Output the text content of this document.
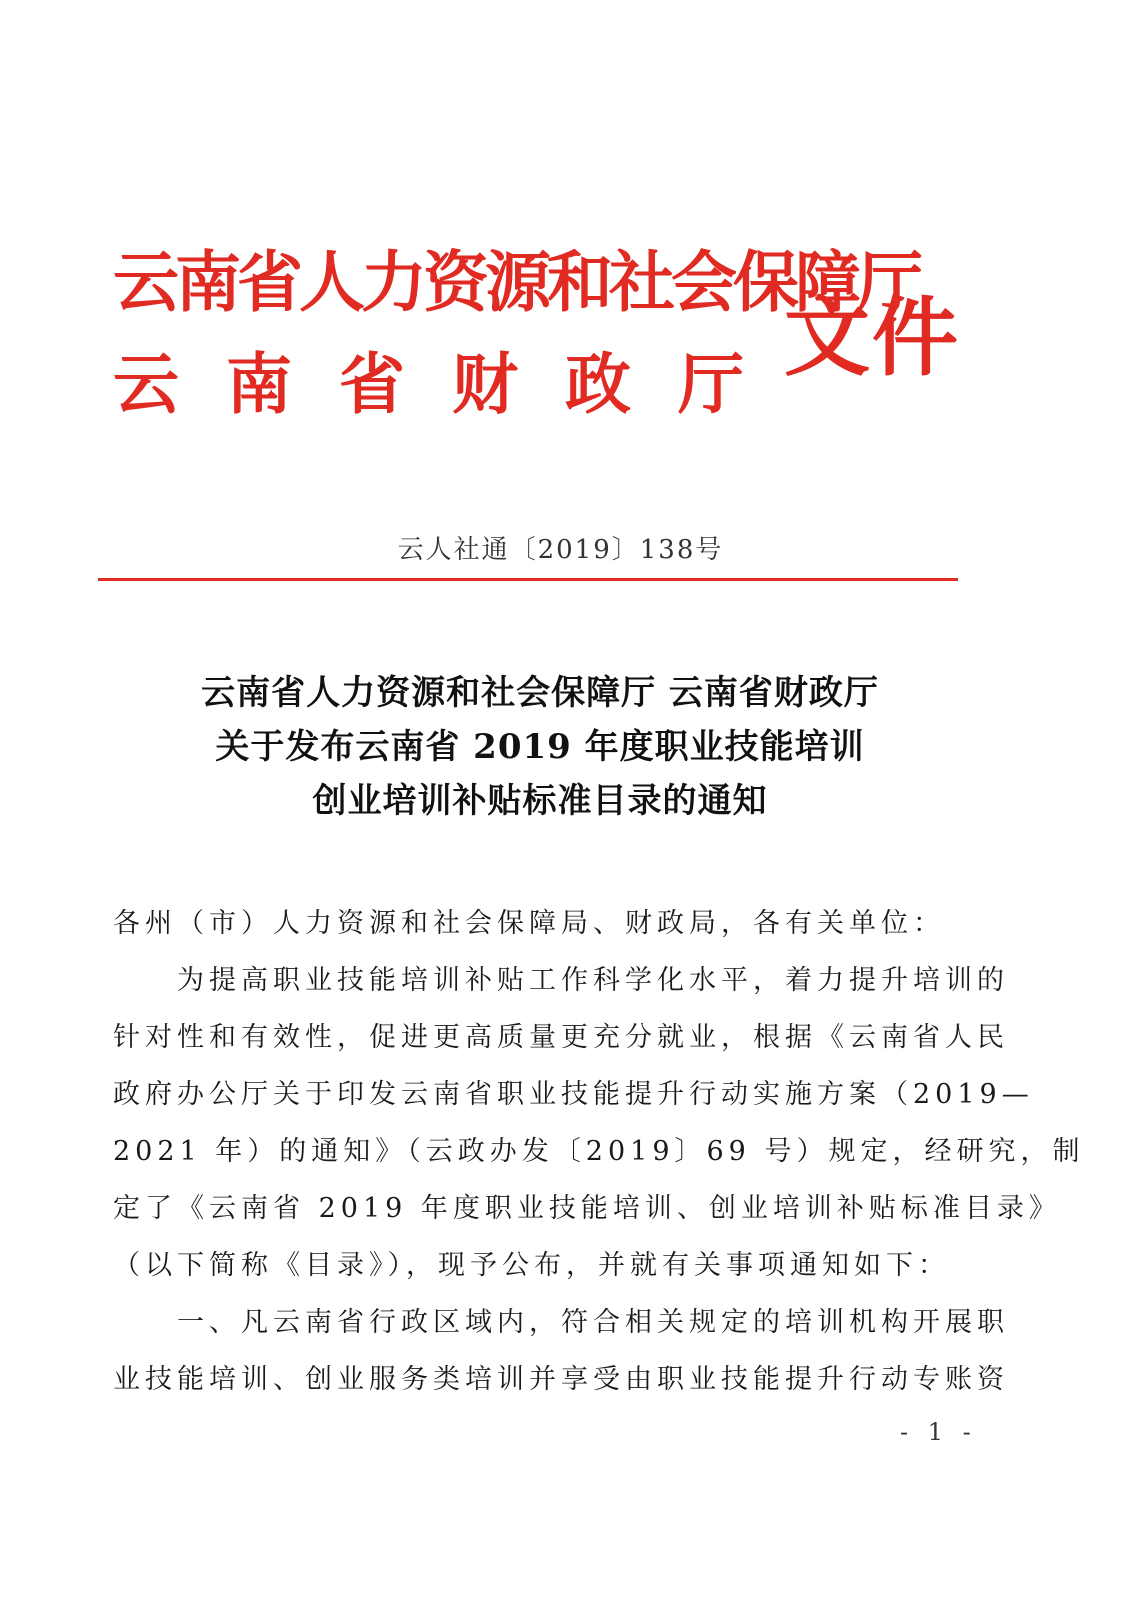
云南省人力资源和社会保障厅
云南省财政厅
文件
云人社通〔2019〕138号
云南省人力资源和社会保障厅 云南省财政厅
关于发布云南省 2019 年度职业技能培训
创业培训补贴标准目录的通知
各州（市）人力资源和社会保障局、财政局，各有关单位：
　　为提高职业技能培训补贴工作科学化水平，着力提升培训的
针对性和有效性，促进更高质量更充分就业，根据《云南省人民
政府办公厅关于印发云南省职业技能提升行动实施方案（2019—
2021 年）的通知》（云政办发〔2019〕69 号）规定，经研究，制
定了《云南省 2019 年度职业技能培训、创业培训补贴标准目录》
（以下简称《目录》），现予公布，并就有关事项通知如下：
　　一、凡云南省行政区域内，符合相关规定的培训机构开展职
业技能培训、创业服务类培训并享受由职业技能提升行动专账资
- 1 -
